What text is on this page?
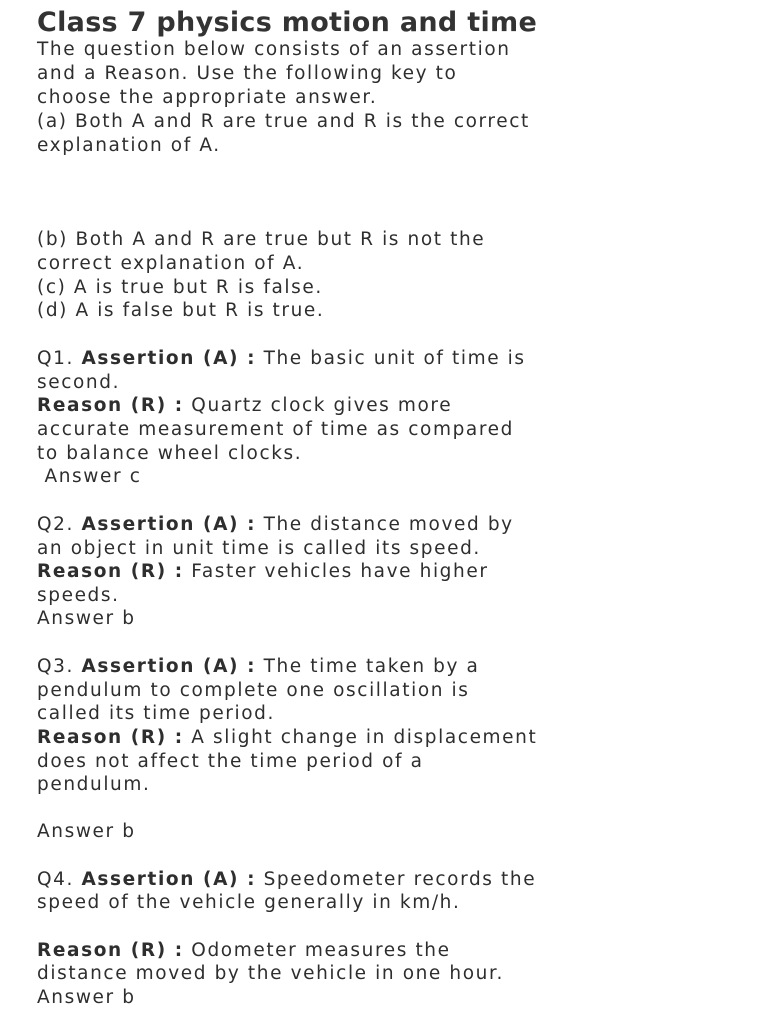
Class 7 physics motion and time
The question below consists of an assertion
and a Reason. Use the following key to
choose the appropriate answer.
(a) Both A and R are true and R is the correct
explanation of A.
(b) Both A and R are true but R is not the
correct explanation of A.
(c) A is true but R is false.
(d) A is false but R is true.
Q1. Assertion (A) : The basic unit of time is
second.
Reason (R) : Quartz clock gives more
accurate measurement of time as compared
to balance wheel clocks.
Answer c
Q2. Assertion (A) : The distance moved by
an object in unit time is called its speed.
Reason (R) : Faster vehicles have higher
speeds.
Answer b
Q3. Assertion (A) : The time taken by a
pendulum to complete one oscillation is
called its time period.
Reason (R) : A slight change in displacement
does not affect the time period of a
pendulum.
Answer b
Q4. Assertion (A) : Speedometer records the
speed of the vehicle generally in km/h.
Reason (R) : Odometer measures the
distance moved by the vehicle in one hour.
Answer b
